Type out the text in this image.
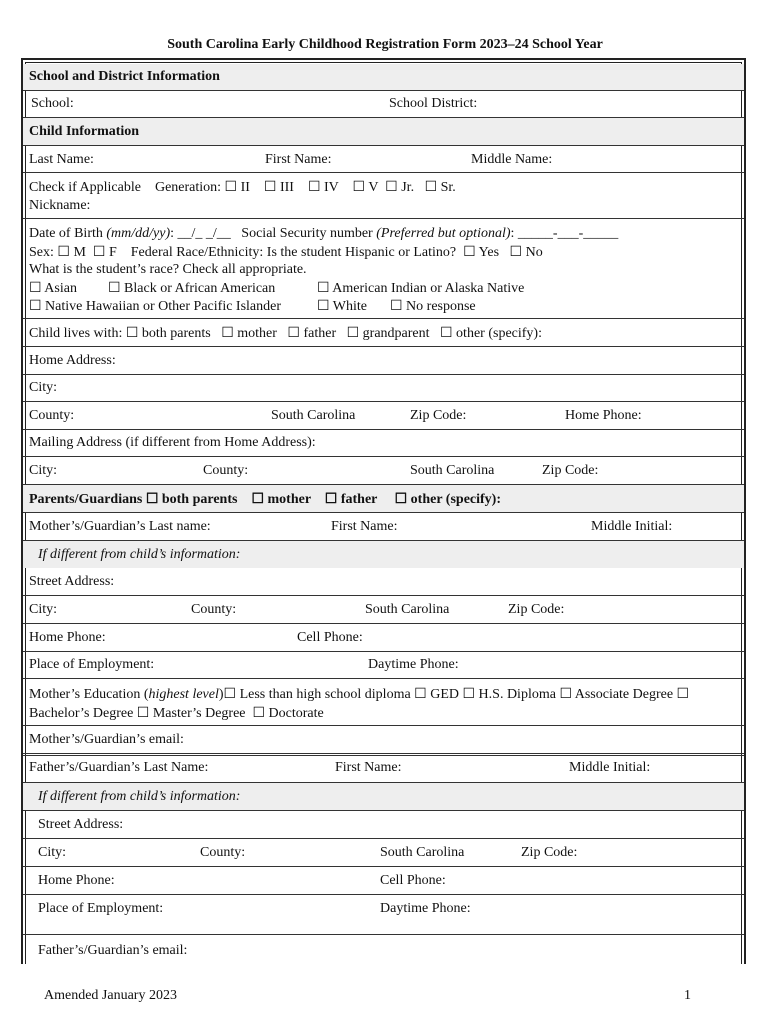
South Carolina Early Childhood Registration Form 2023–24 School Year
School and District Information
School:	School District:
Child Information
Last Name:	First Name:	Middle Name:
Check if Applicable    Generation: ☐ II    ☐ III    ☐ IV    ☐ V  ☐ Jr.   ☐ Sr.
Nickname:
Date of Birth (mm/dd/yy): __/_ _/__   Social Security number (Preferred but optional): _____-___-_____
Sex: ☐ M  ☐ F    Federal Race/Ethnicity: Is the student Hispanic or Latino?  ☐ Yes   ☐ No
What is the student’s race? Check all appropriate.
☐ Asian ☐ Black or African American	☐ American Indian or Alaska Native
☐ Native Hawaiian or Other Pacific Islander	☐ White ☐ No response
Child lives with: ☐ both parents   ☐ mother   ☐ father   ☐ grandparent   ☐ other (specify):
Home Address:
City:
County:	South Carolina	Zip Code:	Home Phone:
Mailing Address (if different from Home Address):
City:	County:	South Carolina	Zip Code:
Parents/Guardians ☐ both parents    ☐ mother    ☐ father     ☐ other (specify):
Mother’s/Guardian’s Last name:	First Name:	Middle Initial:
If different from child’s information:
Street Address:
City:	County:	South Carolina	Zip Code:
Home Phone:	Cell Phone:
Place of Employment:	Daytime Phone:
Mother’s Education (highest level)☐ Less than high school diploma ☐ GED ☐ H.S. Diploma ☐ Associate Degree ☐
Bachelor’s Degree ☐ Master’s Degree  ☐ Doctorate
Mother’s/Guardian’s email:
Father’s/Guardian’s Last Name:	First Name:	Middle Initial:
If different from child’s information:
Street Address:
City:	County:	South Carolina	Zip Code:
Home Phone:	Cell Phone:
Place of Employment:	Daytime Phone:
Father’s/Guardian’s email:
Amended January 2023	1
